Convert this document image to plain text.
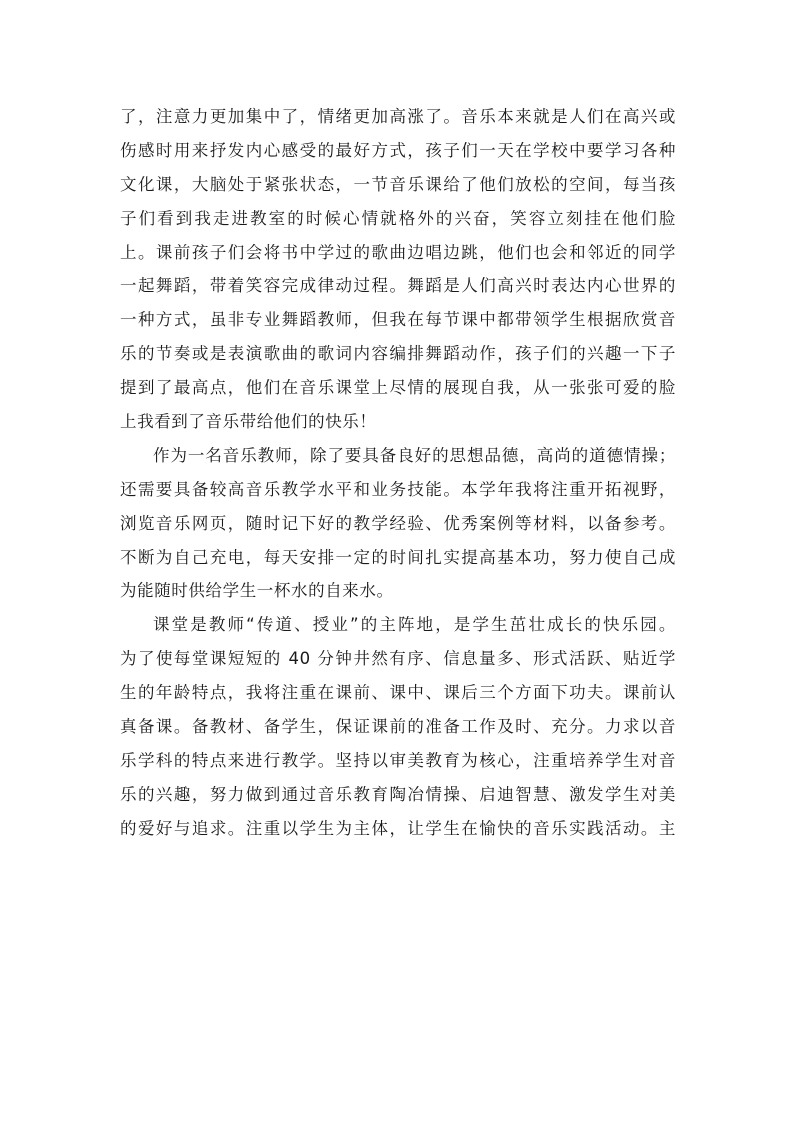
了，注意力更加集中了，情绪更加高涨了。音乐本来就是人们在高兴或
伤感时用来抒发内心感受的最好方式，孩子们一天在学校中要学习各种
文化课，大脑处于紧张状态，一节音乐课给了他们放松的空间，每当孩
子们看到我走进教室的时候心情就格外的兴奋，笑容立刻挂在他们脸
上。课前孩子们会将书中学过的歌曲边唱边跳，他们也会和邻近的同学
一起舞蹈，带着笑容完成律动过程。舞蹈是人们高兴时表达内心世界的
一种方式，虽非专业舞蹈教师，但我在每节课中都带领学生根据欣赏音
乐的节奏或是表演歌曲的歌词内容编排舞蹈动作，孩子们的兴趣一下子
提到了最高点，他们在音乐课堂上尽情的展现自我，从一张张可爱的脸
上我看到了音乐带给他们的快乐！
作为一名音乐教师，除了要具备良好的思想品德，高尚的道德情操；
还需要具备较高音乐教学水平和业务技能。本学年我将注重开拓视野，
浏览音乐网页，随时记下好的教学经验、优秀案例等材料，以备参考。
不断为自己充电，每天安排一定的时间扎实提高基本功，努力使自己成
为能随时供给学生一杯水的自来水。
课堂是教师“传道、授业”的主阵地，是学生茁壮成长的快乐园。
为了使每堂课短短的 40 分钟井然有序、信息量多、形式活跃、贴近学
生的年龄特点，我将注重在课前、课中、课后三个方面下功夫。课前认
真备课。备教材、备学生，保证课前的准备工作及时、充分。力求以音
乐学科的特点来进行教学。坚持以审美教育为核心，注重培养学生对音
乐的兴趣，努力做到通过音乐教育陶冶情操、启迪智慧、激发学生对美
的爱好与追求。注重以学生为主体，让学生在愉快的音乐实践活动。主
